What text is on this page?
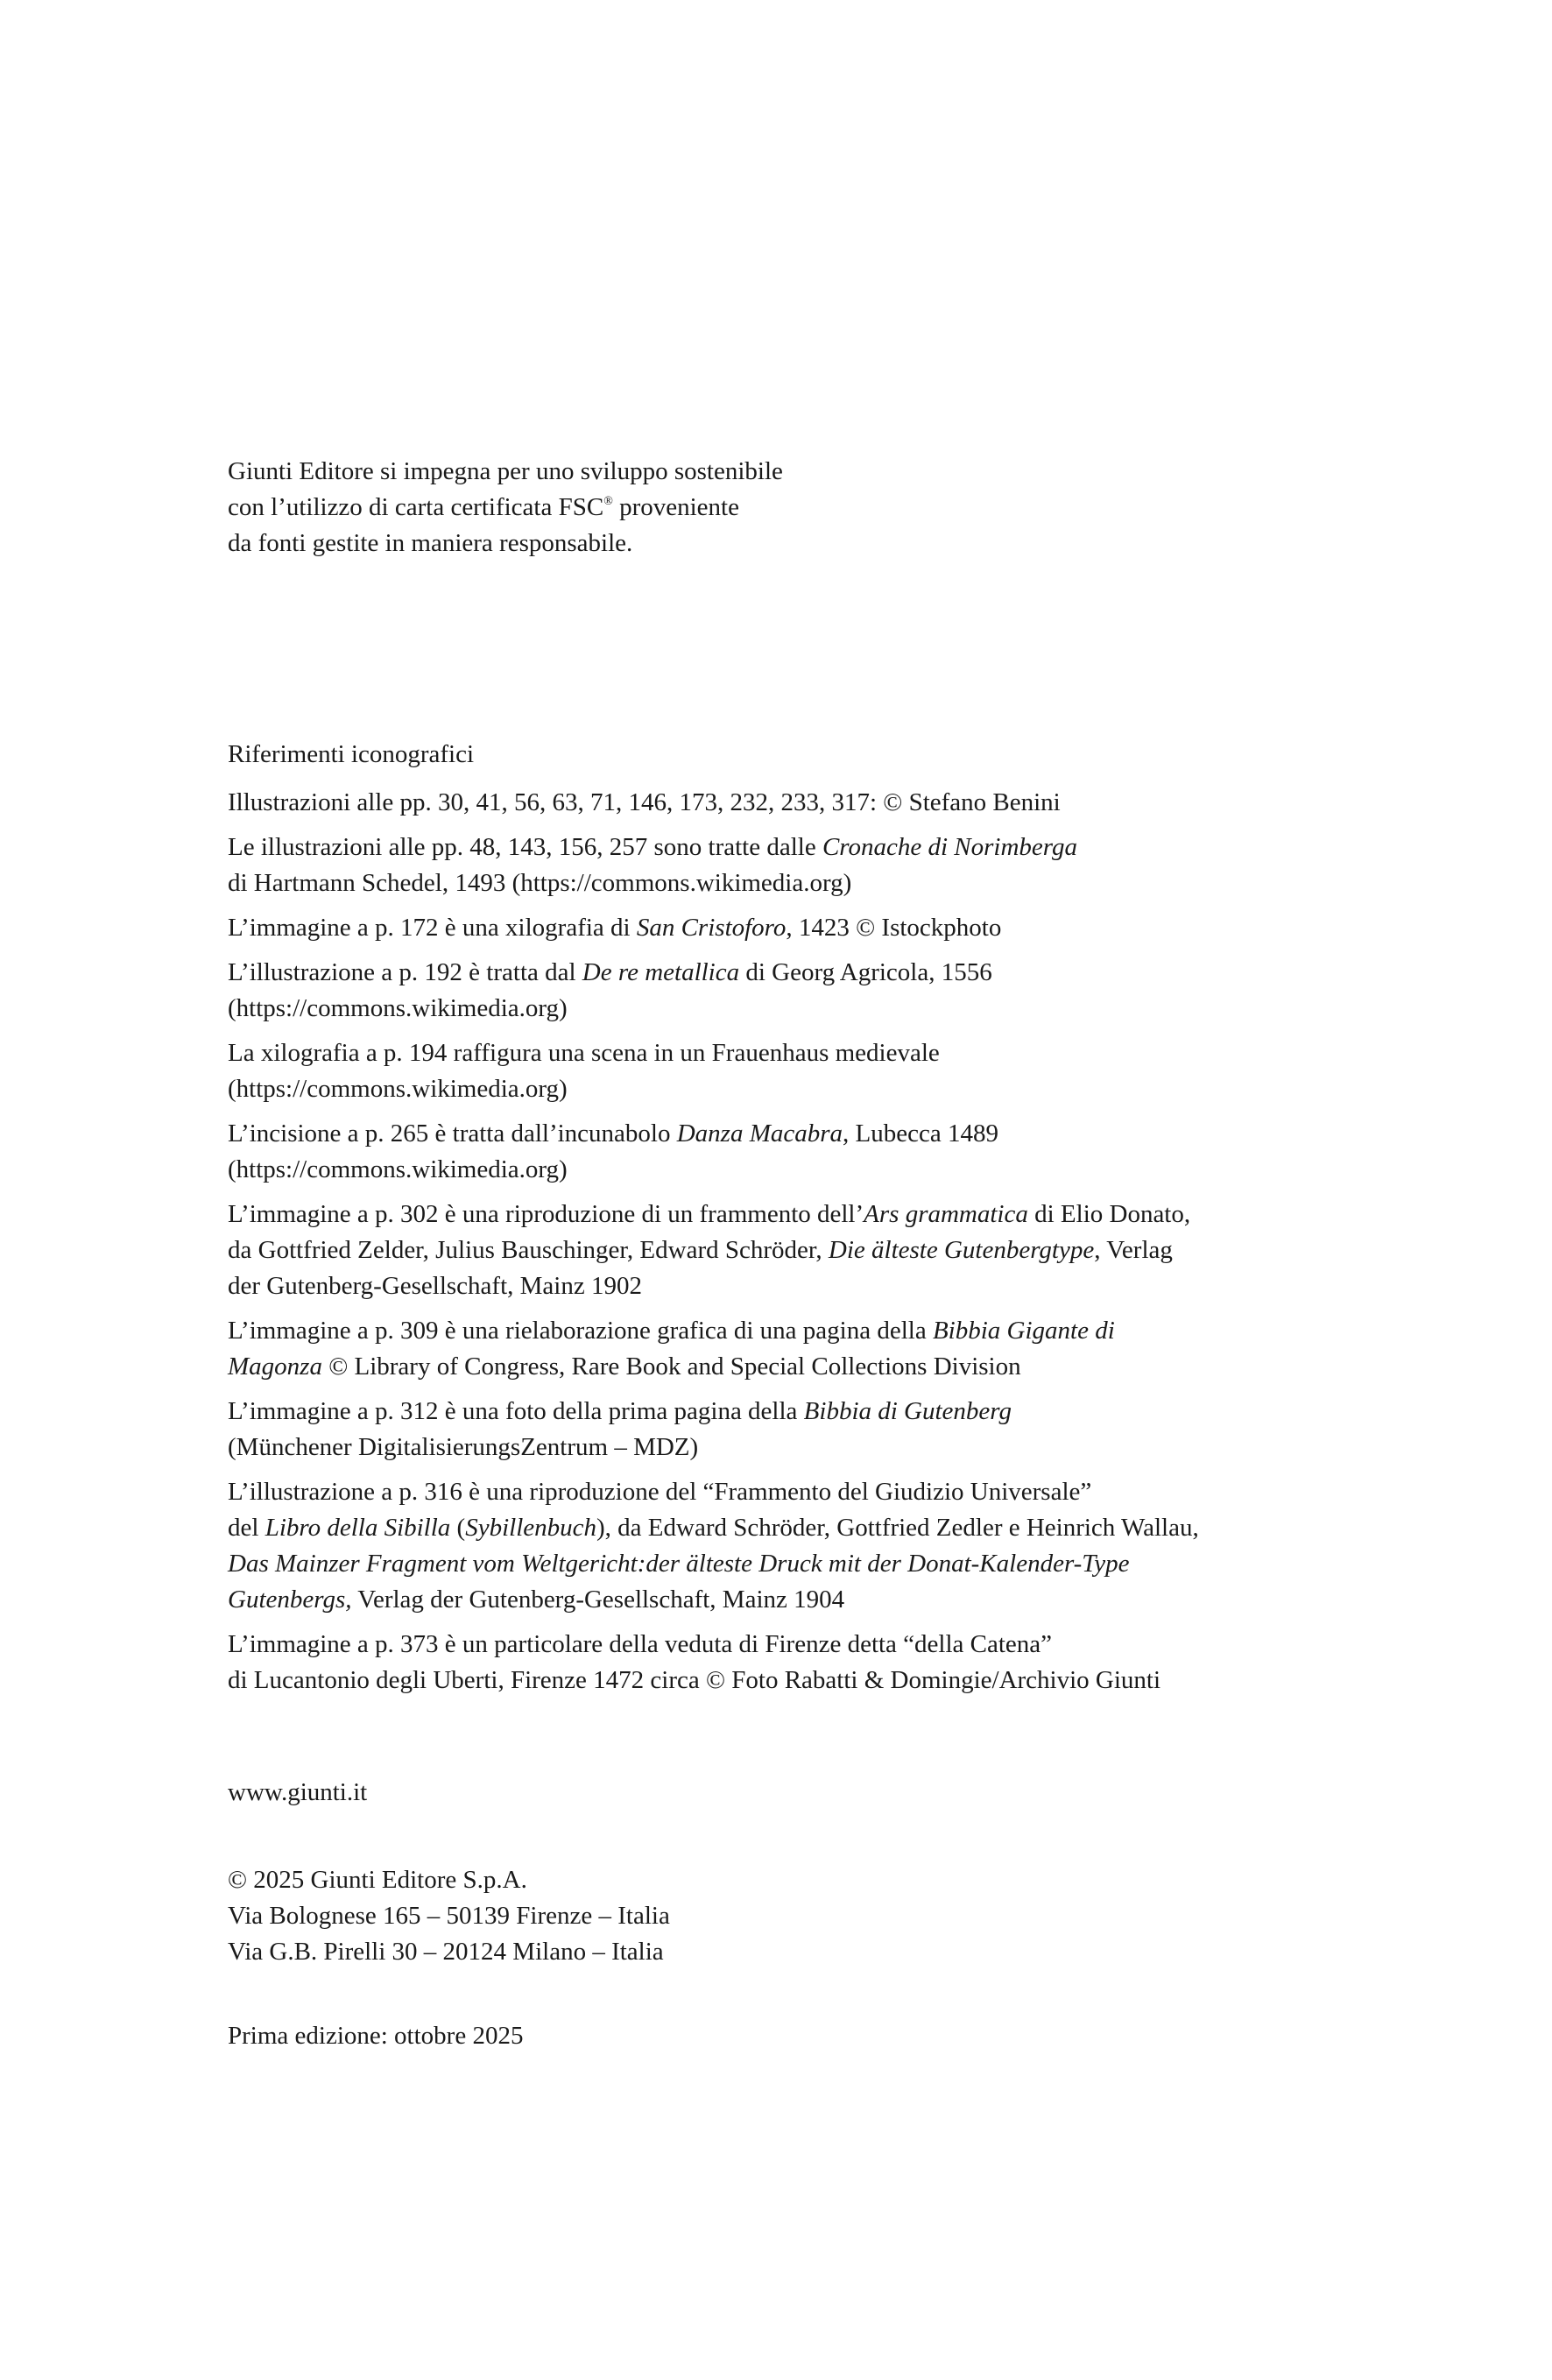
Giunti Editore si impegna per uno sviluppo sostenibile
con l’utilizzo di carta certificata FSC® proveniente
da fonti gestite in maniera responsabile.
Riferimenti iconografici
Illustrazioni alle pp. 30, 41, 56, 63, 71, 146, 173, 232, 233, 317: © Stefano Benini
Le illustrazioni alle pp. 48, 143, 156, 257 sono tratte dalle Cronache di Norimberga
di Hartmann Schedel, 1493 (https://commons.wikimedia.org)
L’immagine a p. 172 è una xilografia di San Cristoforo, 1423 © Istockphoto
L’illustrazione a p. 192 è tratta dal De re metallica di Georg Agricola, 1556
(https://commons.wikimedia.org)
La xilografia a p. 194 raffigura una scena in un Frauenhaus medievale
(https://commons.wikimedia.org)
L’incisione a p. 265 è tratta dall’incunabolo Danza Macabra, Lubecca 1489
(https://commons.wikimedia.org)
L’immagine a p. 302 è una riproduzione di un frammento dell’Ars grammatica di Elio Donato,
da Gottfried Zelder, Julius Bauschinger, Edward Schröder, Die älteste Gutenbergtype, Verlag
der Gutenberg-Gesellschaft, Mainz 1902
L’immagine a p. 309 è una rielaborazione grafica di una pagina della Bibbia Gigante di
Magonza © Library of Congress, Rare Book and Special Collections Division
L’immagine a p. 312 è una foto della prima pagina della Bibbia di Gutenberg
(Münchener DigitalisierungsZentrum – MDZ)
L’illustrazione a p. 316 è una riproduzione del “Frammento del Giudizio Universale”
del Libro della Sibilla (Sybillenbuch), da Edward Schröder, Gottfried Zedler e Heinrich Wallau,
Das Mainzer Fragment vom Weltgericht:der älteste Druck mit der Donat-Kalender-Type
Gutenbergs, Verlag der Gutenberg-Gesellschaft, Mainz 1904
L’immagine a p. 373 è un particolare della veduta di Firenze detta “della Catena”
di Lucantonio degli Uberti, Firenze 1472 circa © Foto Rabatti & Domingie/Archivio Giunti
www.giunti.it
© 2025 Giunti Editore S.p.A.
Via Bolognese 165 – 50139 Firenze – Italia
Via G.B. Pirelli 30 – 20124 Milano – Italia
Prima edizione: ottobre 2025
